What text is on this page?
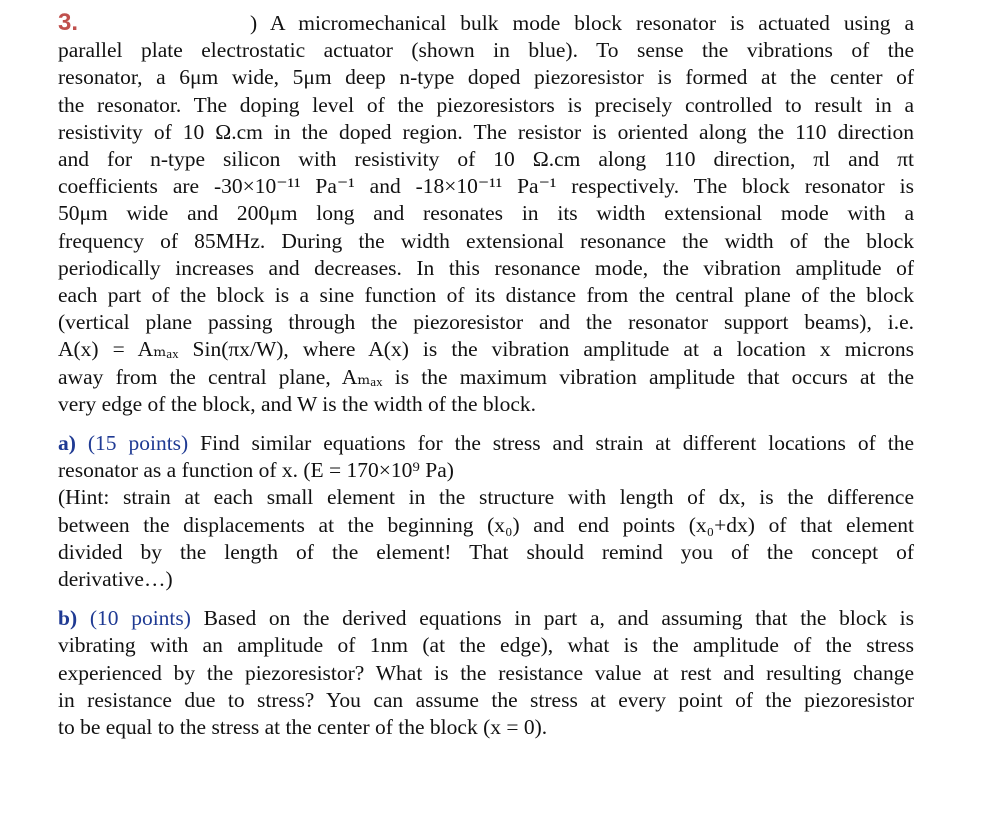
3.	) A micromechanical bulk mode block resonator is actuated using a

parallel plate electrostatic actuator (shown in blue). To sense the vibrations of the
resonator, a 6μm wide, 5μm deep n-type doped piezoresistor is formed at the center of
the resonator. The doping level of the piezoresistors is precisely controlled to result in a
resistivity of 10 Ω.cm in the doped region. The resistor is oriented along the 110 direction
and for n-type silicon with resistivity of 10 Ω.cm along 110 direction, πl and πt
coefficients are -30×10⁻¹¹ Pa⁻¹ and -18×10⁻¹¹ Pa⁻¹ respectively. The block resonator is
50μm wide and 200μm long and resonates in its width extensional mode with a
frequency of 85MHz. During the width extensional resonance the width of the block
periodically increases and decreases. In this resonance mode, the vibration amplitude of
each part of the block is a sine function of its distance from the central plane of the block
(vertical plane passing through the piezoresistor and the resonator support beams), i.e.
A(x) = Aₘₐₓ Sin(πx/W), where A(x) is the vibration amplitude at a location x microns
away from the central plane, Aₘₐₓ is the maximum vibration amplitude that occurs at the
very edge of the block, and W is the width of the block.

a) (15 points) Find similar equations for the stress and strain at different locations of the
resonator as a function of x. (E = 170×10⁹ Pa)
(Hint: strain at each small element in the structure with length of dx, is the difference
between the displacements at the beginning (x₀) and end points (x₀+dx) of that element
divided by the length of the element! That should remind you of the concept of
derivative…)
b) (10 points) Based on the derived equations in part a, and assuming that the block is
vibrating with an amplitude of 1nm (at the edge), what is the amplitude of the stress
experienced by the piezoresistor? What is the resistance value at rest and resulting change
in resistance due to stress? You can assume the stress at every point of the piezoresistor
to be equal to the stress at the center of the block (x = 0).
